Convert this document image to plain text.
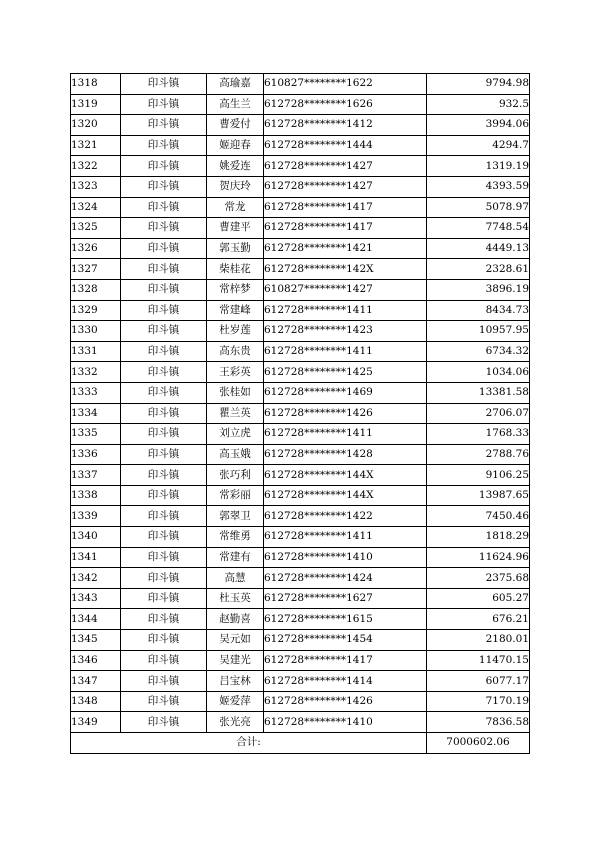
1318	印斗镇	高瑜嘉	610827********1622	9794.98
1319	印斗镇	高生兰	612728********1626	932.5
1320	印斗镇	曹爱付	612728********1412	3994.06
1321	印斗镇	姬迎春	612728********1444	4294.7
1322	印斗镇	姚爱连	612728********1427	1319.19
1323	印斗镇	贺庆玲	612728********1427	4393.59
1324	印斗镇	常龙	612728********1417	5078.97
1325	印斗镇	曹建平	612728********1417	7748.54
1326	印斗镇	郭玉勤	612728********1421	4449.13
1327	印斗镇	柴桂花	612728********142X	2328.61
1328	印斗镇	常梓梦	610827********1427	3896.19
1329	印斗镇	常建峰	612728********1411	8434.73
1330	印斗镇	杜岁莲	612728********1423	10957.95
1331	印斗镇	高东贵	612728********1411	6734.32
1332	印斗镇	王彩英	612728********1425	1034.06
1333	印斗镇	张桂如	612728********1469	13381.58
1334	印斗镇	瞿兰英	612728********1426	2706.07
1335	印斗镇	刘立虎	612728********1411	1768.33
1336	印斗镇	高玉娥	612728********1428	2788.76
1337	印斗镇	张巧利	612728********144X	9106.25
1338	印斗镇	常彩丽	612728********144X	13987.65
1339	印斗镇	郭翠卫	612728********1422	7450.46
1340	印斗镇	常维勇	612728********1411	1818.29
1341	印斗镇	常建有	612728********1410	11624.96
1342	印斗镇	高慧	612728********1424	2375.68
1343	印斗镇	杜玉英	612728********1627	605.27
1344	印斗镇	赵勤喜	612728********1615	676.21
1345	印斗镇	吴元如	612728********1454	2180.01
1346	印斗镇	吴建光	612728********1417	11470.15
1347	印斗镇	吕宝林	612728********1414	6077.17
1348	印斗镇	姬爱萍	612728********1426	7170.19
1349	印斗镇	张光亮	612728********1410	7836.58
合计:				7000602.06
